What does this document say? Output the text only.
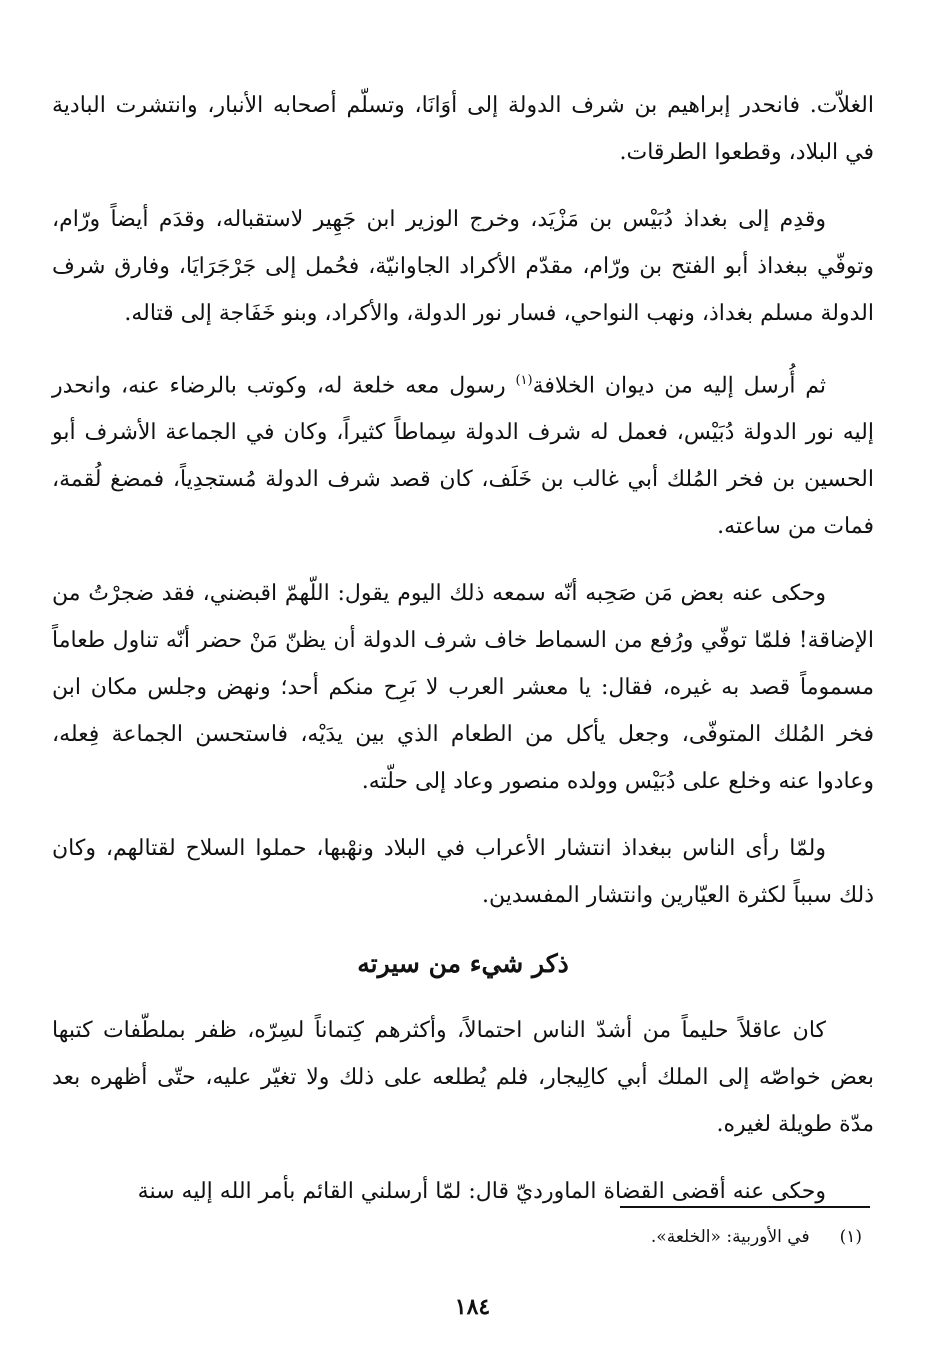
الغلاّت. فانحدر إبراهيم بن شرف الدولة إلى أوَانَا، وتسلّم أصحابه الأنبار، وانتشرت البادية في البلاد، وقطعوا الطرقات.

وقدِم إلى بغداذ دُبَيْس بن مَزْيَد، وخرج الوزير ابن جَهِير لاستقباله، وقدَم أيضاً ورّام، وتوفّي ببغداذ أبو الفتح بن ورّام، مقدّم الأكراد الجاوانيّة، فحُمل إلى جَرْجَرَايَا، وفارق شرف الدولة مسلم بغداذ، ونهب النواحي، فسار نور الدولة، والأكراد، وبنو خَفَاجة إلى قتاله.

ثم أُرسل إليه من ديوان الخلافة$^{(١)}$ رسول معه خلعة له، وكوتب بالرضاء عنه، وانحدر إليه نور الدولة دُبَيْس، فعمل له شرف الدولة سِماطاً كثيراً، وكان في الجماعة الأشرف أبو الحسين بن فخر المُلك أبي غالب بن خَلَف، كان قصد شرف الدولة مُستجدِياً، فمضغ لُقمة، فمات من ساعته.

وحكى عنه بعض مَن صَحِبه أنّه سمعه ذلك اليوم يقول: اللّهمّ اقبضني، فقد ضجرْتُ من الإضاقة! فلمّا توفّي ورُفع من السماط خاف شرف الدولة أن يظنّ مَنْ حضر أنّه تناول طعاماً مسموماً قصد به غيره، فقال: يا معشر العرب لا بَرِح منكم أحد؛ ونهض وجلس مكان ابن فخر المُلك المتوفّى، وجعل يأكل من الطعام الذي بين يدَيْه، فاستحسن الجماعة فِعله، وعادوا عنه وخلع على دُبَيْس وولده منصور وعاد إلى حلّته.

ولمّا رأى الناس ببغداذ انتشار الأعراب في البلاد ونهْبها، حملوا السلاح لقتالهم، وكان ذلك سبباً لكثرة العيّارين وانتشار المفسدين.

ذكر شيء من سيرته

كان عاقلاً حليماً من أشدّ الناس احتمالاً، وأكثرهم كِتماناً لسِرّه، ظفر بملطّفات كتبها بعض خواصّه إلى الملك أبي كالِيجار، فلم يُطلعه على ذلك ولا تغيّر عليه، حتّى أظهره بعد مدّة طويلة لغيره.

وحكى عنه أقضى القضاة الماورديّ قال: لمّا أرسلني القائم بأمر الله إليه سنة

(١)في الأوربية: «الخلعة».
١٨٤
